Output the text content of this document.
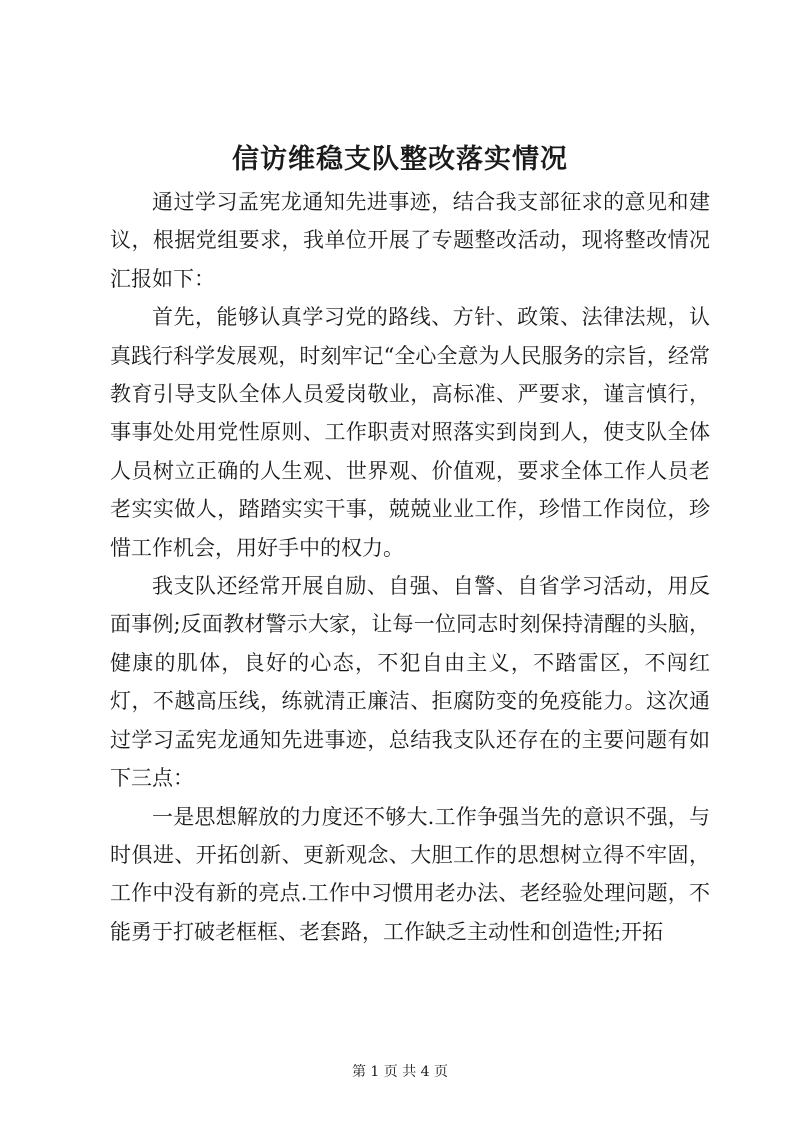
信访维稳支队整改落实情况

通过学习孟宪龙通知先进事迹，结合我支部征求的意见和建议，根据党组要求，我单位开展了专题整改活动，现将整改情况汇报如下：

首先，能够认真学习党的路线、方针、政策、法律法规，认真践行科学发展观，时刻牢记“全心全意为人民服务的宗旨，经常教育引导支队全体人员爱岗敬业，高标准、严要求，谨言慎行，事事处处用党性原则、工作职责对照落实到岗到人，使支队全体人员树立正确的人生观、世界观、价值观，要求全体工作人员老老实实做人，踏踏实实干事，兢兢业业工作，珍惜工作岗位，珍惜工作机会，用好手中的权力。

我支队还经常开展自励、自强、自警、自省学习活动，用反面事例;反面教材警示大家，让每一位同志时刻保持清醒的头脑，健康的肌体，良好的心态，不犯自由主义，不踏雷区，不闯红灯，不越高压线，练就清正廉洁、拒腐防变的免疫能力。这次通过学习孟宪龙通知先进事迹，总结我支队还存在的主要问题有如下三点：

一是思想解放的力度还不够大.工作争强当先的意识不强，与时俱进、开拓创新、更新观念、大胆工作的思想树立得不牢固，工作中没有新的亮点.工作中习惯用老办法、老经验处理问题，不能勇于打破老框框、老套路，工作缺乏主动性和创造性;开拓

第 1 页 共 4 页
